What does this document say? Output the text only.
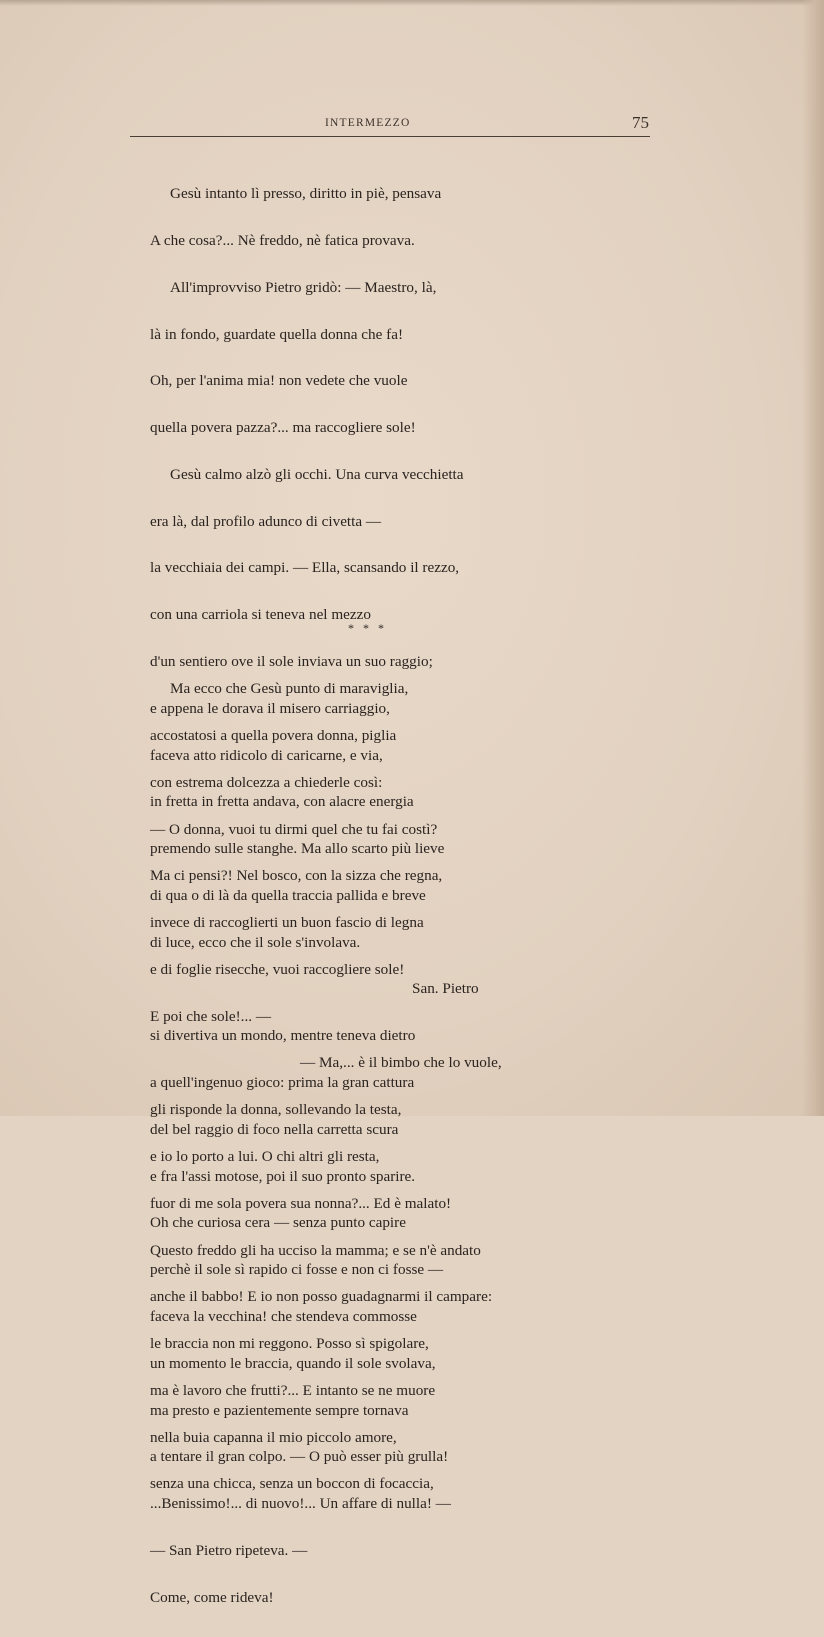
INTERMEZZO	75

Gesù intanto lì presso, diritto in piè, pensava

A che cosa?... Nè freddo, nè fatica provava.

All'improvviso Pietro gridò: — Maestro, là,

là in fondo, guardate quella donna che fa!

Oh, per l'anima mia! non vedete che vuole

quella povera pazza?... ma raccogliere sole!

Gesù calmo alzò gli occhi. Una curva vecchietta

era là, dal profilo adunco di civetta —

la vecchiaia dei campi. — Ella, scansando il rezzo,

con una carriola si teneva nel mezzo

d'un sentiero ove il sole inviava un suo raggio;

e appena le dorava il misero carriaggio,

faceva atto ridicolo di caricarne, e via,

in fretta in fretta andava, con alacre energia

premendo sulle stanghe. Ma allo scarto più lieve

di qua o di là da quella traccia pallida e breve

di luce, ecco che il sole s'involava.

San. Pietro

si divertiva un mondo, mentre teneva dietro

a quell'ingenuo gioco: prima la gran cattura

del bel raggio di foco nella carretta scura

e fra l'assi motose, poi il suo pronto sparire.

Oh che curiosa cera — senza punto capire

perchè il sole sì rapido ci fosse e non ci fosse —

faceva la vecchina! che stendeva commosse

un momento le braccia, quando il sole svolava,

ma presto e pazientemente sempre tornava

a tentare il gran colpo. — O può esser più grulla!

...Benissimo!... di nuovo!... Un affare di nulla! —

— San Pietro ripeteva. —

Come, come rideva!

* * *

Ma ecco che Gesù punto di maraviglia,

accostatosi a quella povera donna, piglia

con estrema dolcezza a chiederle così:

— O donna, vuoi tu dirmi quel che tu fai costì?

Ma ci pensi?! Nel bosco, con la sizza che regna,

invece di raccoglierti un buon fascio di legna

e di foglie risecche, vuoi raccogliere sole!

E poi che sole!... —

— Ma,... è il bimbo che lo vuole,

gli risponde la donna, sollevando la testa,

e io lo porto a lui. O chi altri gli resta,

fuor di me sola povera sua nonna?... Ed è malato!

Questo freddo gli ha ucciso la mamma; e se n'è andato

anche il babbo! E io non posso guadagnarmi il campare:

le braccia non mi reggono. Posso sì spigolare,

ma è lavoro che frutti?... E intanto se ne muore

nella buia capanna il mio piccolo amore,

senza una chicca, senza un boccon di focaccia,
